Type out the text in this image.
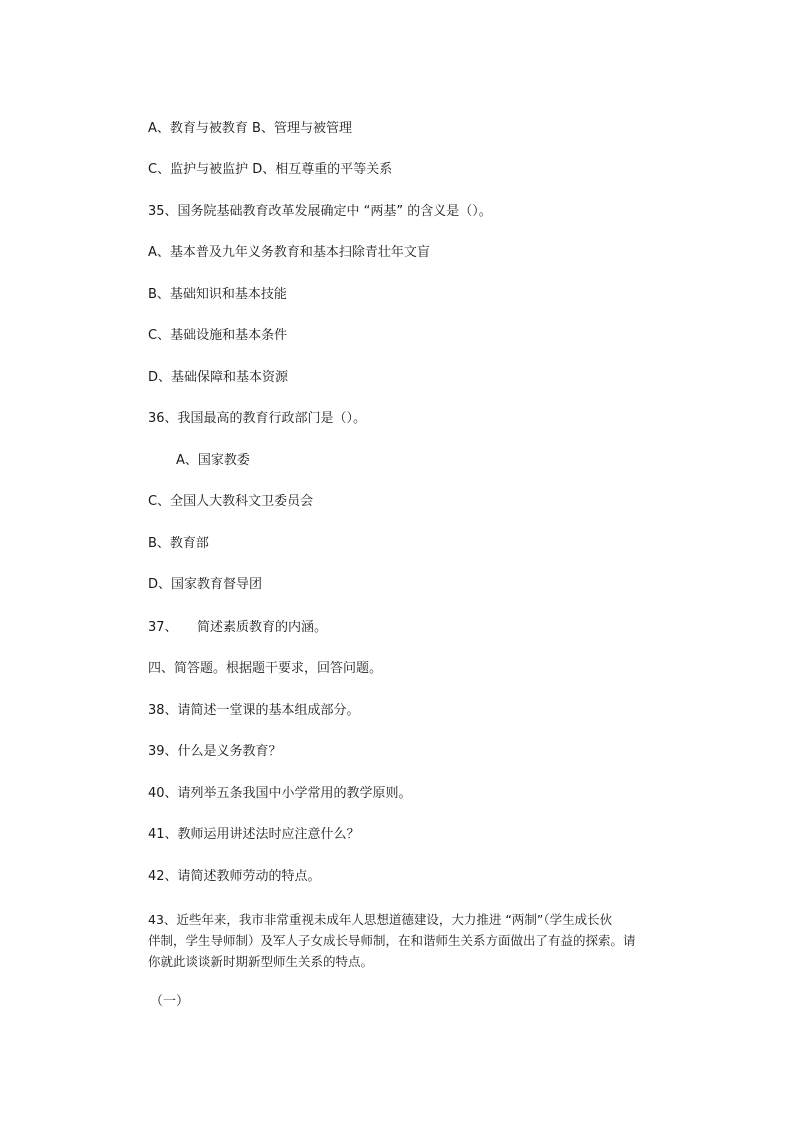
A、教育与被教育 B、管理与被管理
C、监护与被监护 D、相互尊重的平等关系
35、国务院基础教育改革发展确定中 “两基” 的含义是（）。
A、基本普及九年义务教育和基本扫除青壮年文盲
B、基础知识和基本技能
C、基础设施和基本条件
D、基础保障和基本资源
36、我国最高的教育行政部门是（）。
A、国家教委
C、全国人大教科文卫委员会
B、教育部
D、国家教育督导团
37、　　简述素质教育的内涵。
四、简答题。根据题干要求，回答问题。
38、请简述一堂课的基本组成部分。
39、什么是义务教育？
40、请列举五条我国中小学常用的教学原则。
41、教师运用讲述法时应注意什么？
42、请简述教师劳动的特点。
43、近些年来，我市非常重视未成年人思想道德建设，大力推进 “两制”（学生成长伙
伴制，学生导师制）及军人子女成长导师制，在和谐师生关系方面做出了有益的探索。请
你就此谈谈新时期新型师生关系的特点。
（一）
